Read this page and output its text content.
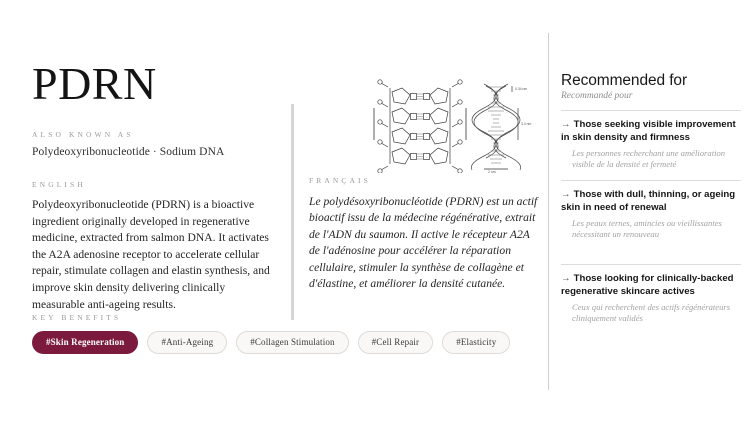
PDRN

ALSO KNOWN AS

Polydeoxyribonucleotide · Sodium DNA

ENGLISH

Polydeoxyribonucleotide (PDRN) is a bioactive ingredient originally developed in regenerative medicine, extracted from salmon DNA. It activates the A2A adenosine receptor to accelerate cellular repair, stimulate collagen and elastin synthesis, and improve skin density delivering clinically measurable anti-ageing results.

0.34 nm
3.4 nm
2 nm

FRANÇAIS

Le polydésoxyribonucléotide (PDRN) est un actif bioactif issu de la médecine régénérative, extrait de l'ADN du saumon. Il active le récepteur A2A de l'adénosine pour accélérer la réparation cellulaire, stimuler la synthèse de collagène et d'élastine, et améliorer la densité cutanée.

KEY BENEFITS

#Skin Regeneration	#Anti-Ageing	#Collagen Stimulation	#Cell Repair	#Elasticity

Recommended for

Recommandé pour

→ Those seeking visible improvement in skin density and firmness

Les personnes recherchant une amélioration visible de la densité et fermeté

→ Those with dull, thinning, or ageing skin in need of renewal

Les peaux ternes, amincies ou vieillissantes nécessitant un renouveau

→ Those looking for clinically-backed regenerative skincare actives

Ceux qui recherchent des actifs régénérateurs cliniquement validés
